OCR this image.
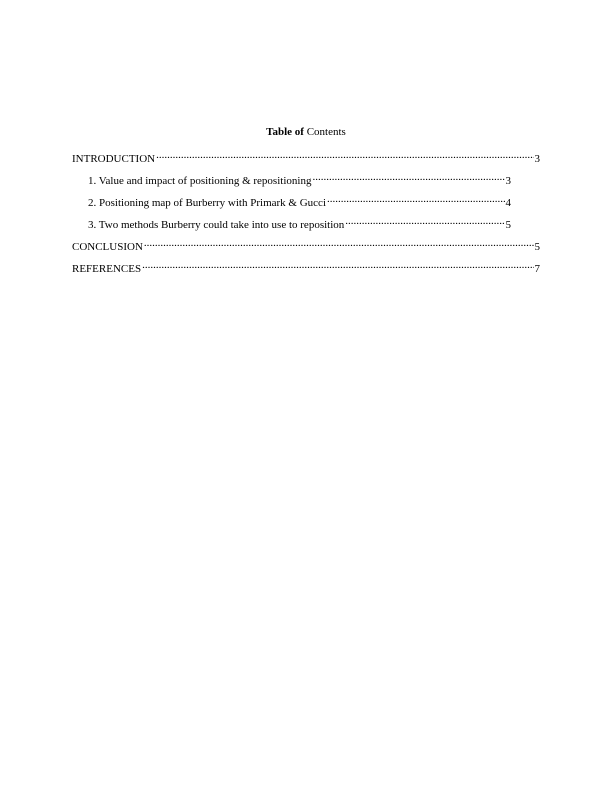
Table of Contents
INTRODUCTION .....	3
1. Value and impact of positioning & repositioning .....	3
2. Positioning map of Burberry with Primark & Gucci .....	4
3. Two methods Burberry could take into use to reposition .....	5
CONCLUSION .....	5
REFERENCES .....	7
